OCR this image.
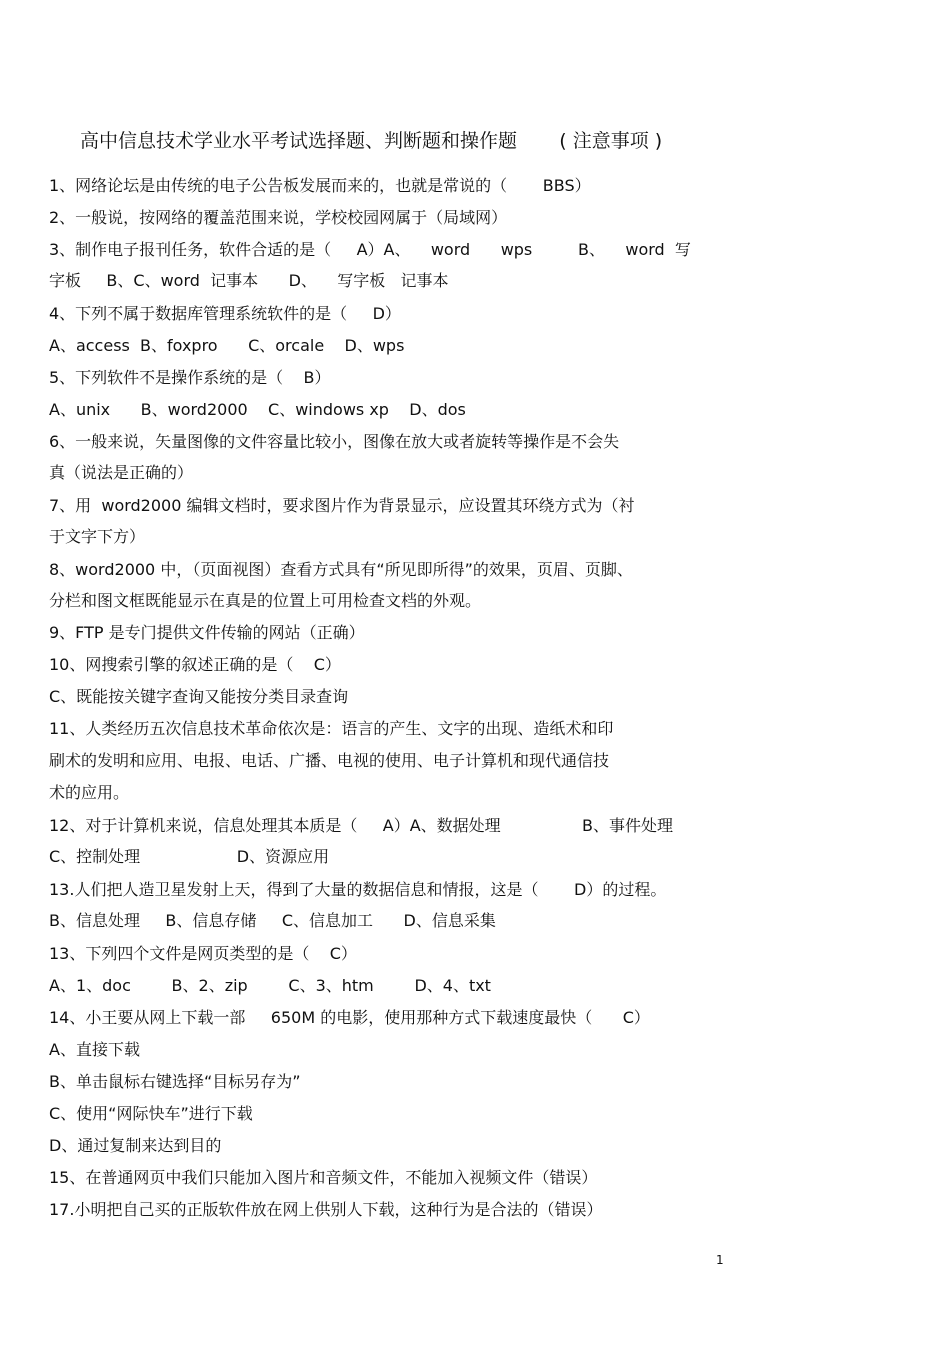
高中信息技术学业水平考试选择题、判断题和操作题       ( 注意事项 )
1、网络论坛是由传统的电子公告板发展而来的，也就是常说的（       BBS）
2、一般说，按网络的覆盖范围来说，学校校园网属于（局域网）
3、制作电子报刊任务，软件合适的是（     A）A、    word      wps         B、    word  写
字板     B、C、word  记事本      D、    写字板   记事本
4、下列不属于数据库管理系统软件的是（     D）
A、access  B、foxpro      C、orcale    D、wps
5、下列软件不是操作系统的是（    B）
A、unix      B、word2000    C、windows xp    D、dos
6、一般来说，矢量图像的文件容量比较小，图像在放大或者旋转等操作是不会失
真（说法是正确的）
7、用  word2000 编辑文档时，要求图片作为背景显示，应设置其环绕方式为（衬
于文字下方）
8、word2000 中，（页面视图）查看方式具有“所见即所得”的效果，页眉、页脚、
分栏和图文框既能显示在真是的位置上可用检查文档的外观。
9、FTP 是专门提供文件传输的网站（正确）
10、网搜索引擎的叙述正确的是（    C）
C、既能按关键字查询又能按分类目录查询
11、人类经历五次信息技术革命依次是：语言的产生、文字的出现、造纸术和印
刷术的发明和应用、电报、电话、广播、电视的使用、电子计算机和现代通信技
术的应用。
12、对于计算机来说，信息处理其本质是（     A）A、数据处理                B、事件处理
C、控制处理                   D、资源应用
13.人们把人造卫星发射上天，得到了大量的数据信息和情报，这是（       D）的过程。
B、信息处理     B、信息存储     C、信息加工      D、信息采集
13、下列四个文件是网页类型的是（    C）
A、1、doc        B、2、zip        C、3、htm        D、4、txt
14、小王要从网上下载一部     650M 的电影，使用那种方式下载速度最快（      C）
A、直接下载
B、单击鼠标右键选择“目标另存为”
C、使用“网际快车”进行下载
D、通过复制来达到目的
15、在普通网页中我们只能加入图片和音频文件，不能加入视频文件（错误）
17.小明把自己买的正版软件放在网上供别人下载，这种行为是合法的（错误）
1
